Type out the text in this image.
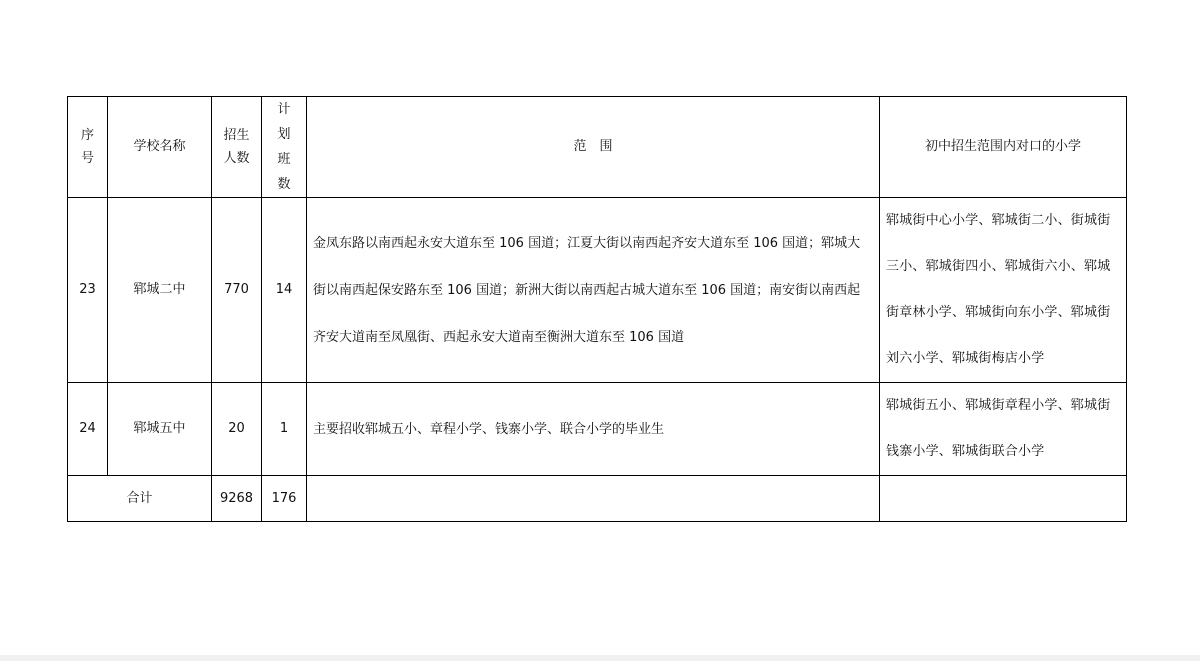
序号	学校名称	招生人数	计划班数	范　围	初中招生范围内对口的小学
23	郓城二中	770	14	金凤东路以南西起永安大道东至 106 国道；江夏大街以南西起齐安大道东至 106 国道；郓城大街以南西起保安路东至 106 国道；新洲大街以南西起古城大道东至 106 国道；南安街以南西起齐安大道南至凤凰街、西起永安大道南至衡洲大道东至 106 国道	郓城街中心小学、郓城街二小、街城街三小、郓城街四小、郓城街六小、郓城街章林小学、郓城街向东小学、郓城街刘六小学、郓城街梅店小学
24	郓城五中	20	1	主要招收郓城五小、章程小学、钱寨小学、联合小学的毕业生	郓城街五小、郓城街章程小学、郓城街钱寨小学、郓城街联合小学
合计		9268	176		
